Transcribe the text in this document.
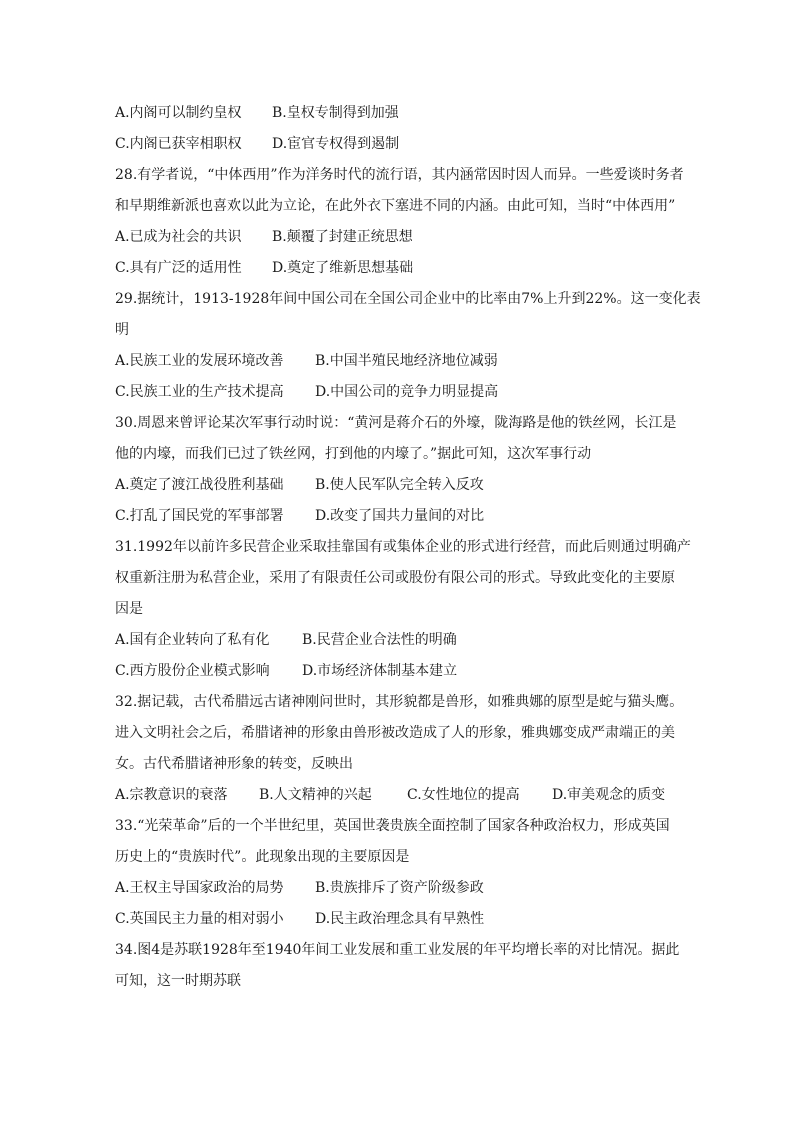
A.内阁可以制约皇权 B.皇权专制得到加强
C.内阁已获宰相职权 D.宦官专权得到遏制
28.有学者说，“中体西用”作为洋务时代的流行语，其内涵常因时因人而异。一些爱谈时务者
和早期维新派也喜欢以此为立论，在此外衣下塞进不同的内涵。由此可知，当时“中体西用”
A.已成为社会的共识 B.颠覆了封建正统思想
C.具有广泛的适用性 D.奠定了维新思想基础
29.据统计，1913-1928年间中国公司在全国公司企业中的比率由7%上升到22%。这一变化表
明
A.民族工业的发展环境改善 B.中国半殖民地经济地位减弱
C.民族工业的生产技术提高 D.中国公司的竞争力明显提高
30.周恩来曾评论某次军事行动时说：“黄河是蒋介石的外壕，陇海路是他的铁丝网，长江是
他的内壕，而我们已过了铁丝网，打到他的内壕了。”据此可知，这次军事行动
A.奠定了渡江战役胜利基础 B.使人民军队完全转入反攻
C.打乱了国民党的军事部署 D.改变了国共力量间的对比
31.1992年以前许多民营企业采取挂靠国有或集体企业的形式进行经营，而此后则通过明确产
权重新注册为私营企业，采用了有限责任公司或股份有限公司的形式。导致此变化的主要原
因是
A.国有企业转向了私有化 B.民营企业合法性的明确
C.西方股份企业模式影响 D.市场经济体制基本建立
32.据记载，古代希腊远古诸神刚问世时，其形貌都是兽形，如雅典娜的原型是蛇与猫头鹰。
进入文明社会之后，希腊诸神的形象由兽形被改造成了人的形象，雅典娜变成严肃端正的美
女。古代希腊诸神形象的转变，反映出
A.宗教意识的衰落 B.人文精神的兴起	C.女性地位的提高 D.审美观念的质变
33.“光荣革命”后的一个半世纪里，英国世袭贵族全面控制了国家各种政治权力，形成英国
历史上的“贵族时代”。此现象出现的主要原因是
A.王权主导国家政治的局势 B.贵族排斥了资产阶级参政
C.英国民主力量的相对弱小 D.民主政治理念具有早熟性
34.图4是苏联1928年至1940年间工业发展和重工业发展的年平均增长率的对比情况。据此
可知，这一时期苏联
